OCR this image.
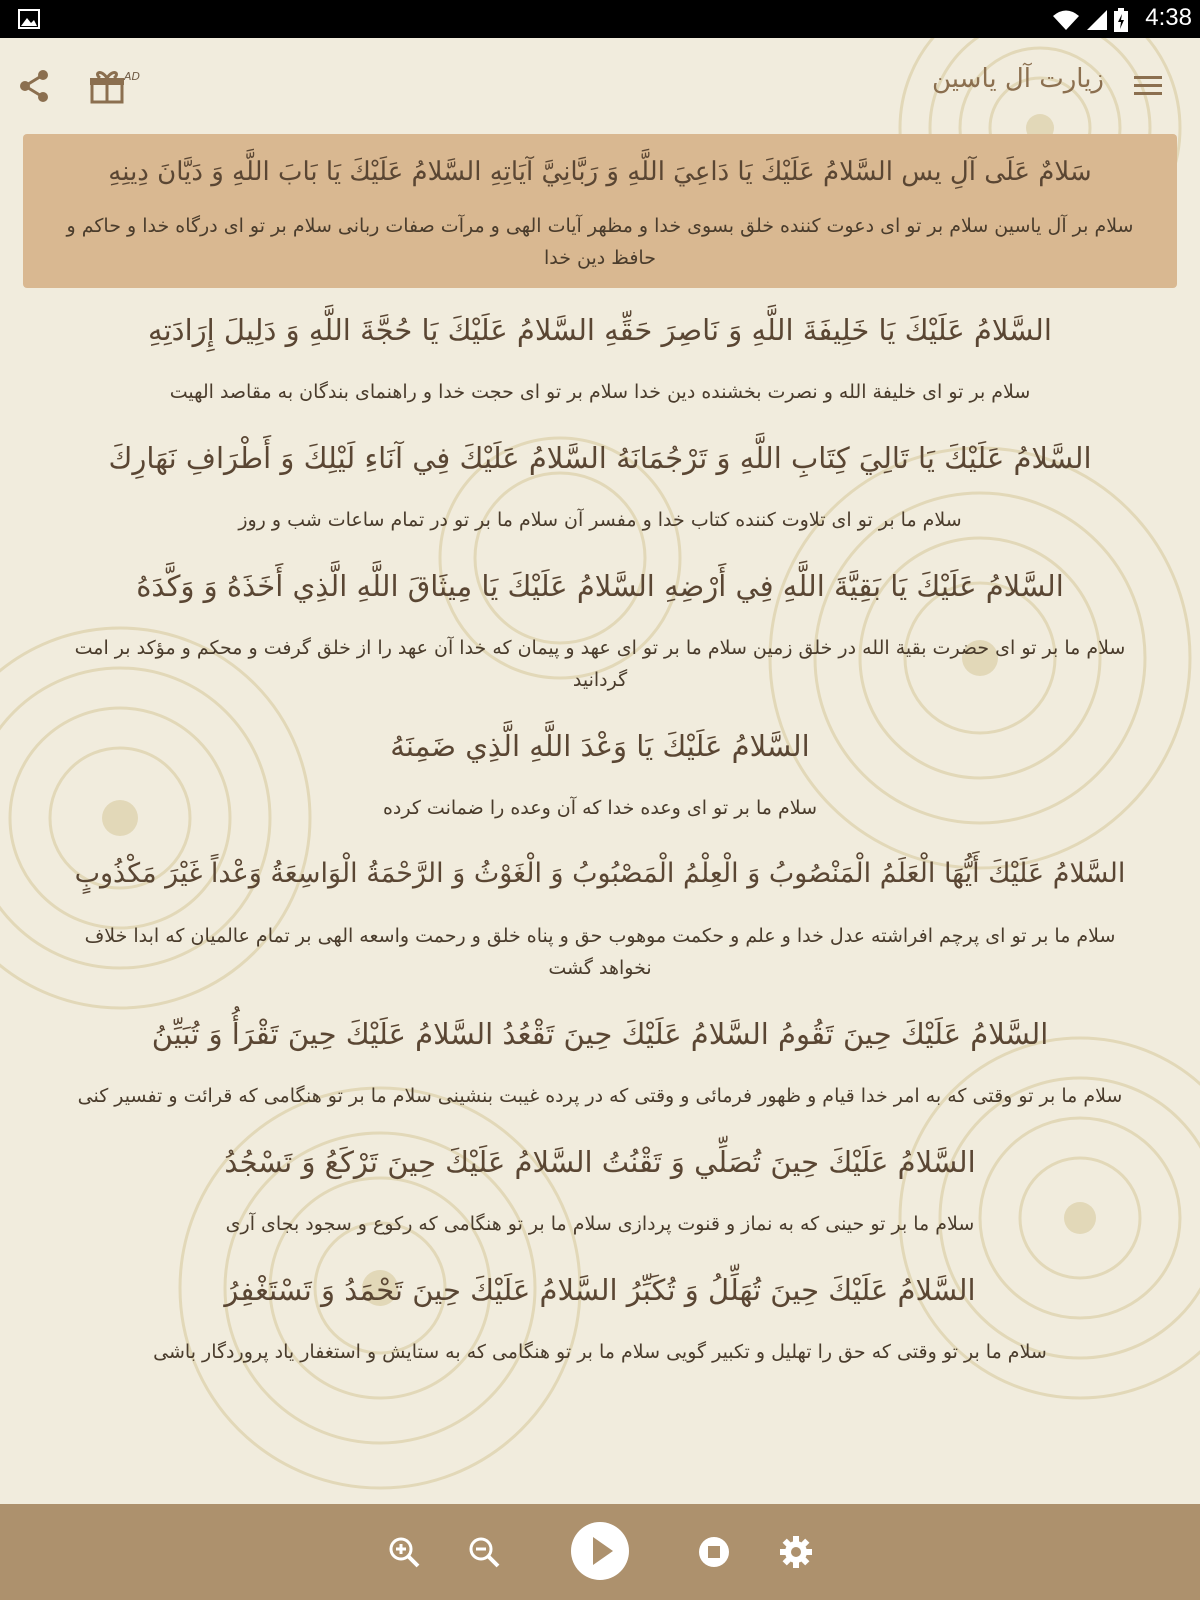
4:38
زیارت آل یاسین
AD
سَلامٌ عَلَى آلِ يس السَّلامُ عَلَيْكَ يَا دَاعِيَ اللَّهِ وَ رَبَّانِيَّ آيَاتِهِ السَّلامُ عَلَيْكَ يَا بَابَ اللَّهِ وَ دَيَّانَ دِينِهِ
سلام بر آل یاسین سلام بر تو ای دعوت کننده خلق بسوی خدا و مظهر آیات الهی و مرآت صفات ربانی سلام بر تو ای درگاه خدا و حاکم و حافظ دین خدا
السَّلامُ عَلَيْكَ يَا خَلِيفَةَ اللَّهِ وَ نَاصِرَ حَقِّهِ السَّلامُ عَلَيْكَ يَا حُجَّةَ اللَّهِ وَ دَلِيلَ إِرَادَتِهِ
سلام بر تو ای خلیفة الله و نصرت بخشنده دین خدا سلام بر تو ای حجت خدا و راهنمای بندگان به مقاصد الهیت
السَّلامُ عَلَيْكَ يَا تَالِيَ كِتَابِ اللَّهِ وَ تَرْجُمَانَهُ السَّلامُ عَلَيْكَ فِي آنَاءِ لَيْلِكَ وَ أَطْرَافِ نَهَارِكَ
سلام ما بر تو ای تلاوت کننده کتاب خدا و مفسر آن سلام ما بر تو در تمام ساعات شب و روز
السَّلامُ عَلَيْكَ يَا بَقِيَّةَ اللَّهِ فِي أَرْضِهِ السَّلامُ عَلَيْكَ يَا مِيثَاقَ اللَّهِ الَّذِي أَخَذَهُ وَ وَكَّدَهُ
سلام ما بر تو ای حضرت بقیة الله در خلق زمین سلام ما بر تو ای عهد و پیمان که خدا آن عهد را از خلق گرفت و محکم و مؤکد بر امت گردانید
السَّلامُ عَلَيْكَ يَا وَعْدَ اللَّهِ الَّذِي ضَمِنَهُ
سلام ما بر تو ای وعده خدا که آن وعده را ضمانت کرده
السَّلامُ عَلَيْكَ أَيُّهَا الْعَلَمُ الْمَنْصُوبُ وَ الْعِلْمُ الْمَصْبُوبُ وَ الْغَوْثُ وَ الرَّحْمَةُ الْوَاسِعَةُ وَعْداً غَيْرَ مَكْذُوبٍ
سلام ما بر تو ای پرچم افراشته عدل خدا و علم و حکمت موهوب حق و پناه خلق و رحمت واسعه الهی بر تمام عالمیان که ابدا خلاف نخواهد گشت
السَّلامُ عَلَيْكَ حِينَ تَقُومُ السَّلامُ عَلَيْكَ حِينَ تَقْعُدُ السَّلامُ عَلَيْكَ حِينَ تَقْرَأُ وَ تُبَيِّنُ
سلام ما بر تو وقتی که به امر خدا قیام و ظهور فرمائی و وقتی که در پرده غیبت بنشینی سلام ما بر تو هنگامی که قرائت و تفسیر کنی
السَّلامُ عَلَيْكَ حِينَ تُصَلِّي وَ تَقْنُتُ السَّلامُ عَلَيْكَ حِينَ تَرْكَعُ وَ تَسْجُدُ
سلام ما بر تو حینی که به نماز و قنوت پردازی سلام ما بر تو هنگامی که رکوع و سجود بجای آری
السَّلامُ عَلَيْكَ حِينَ تُهَلِّلُ وَ تُكَبِّرُ السَّلامُ عَلَيْكَ حِينَ تَحْمَدُ وَ تَسْتَغْفِرُ
سلام ما بر تو وقتی که حق را تهلیل و تکبیر گویی سلام ما بر تو هنگامی که به ستایش و استغفار یاد پروردگار باشی
